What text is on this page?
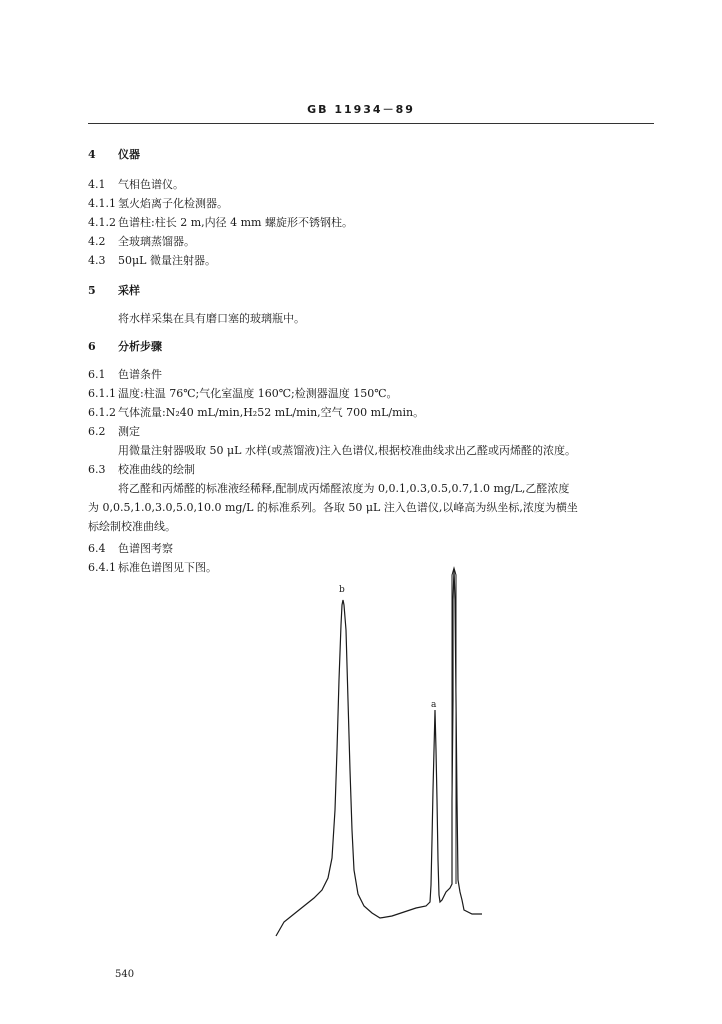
GB 11934－89
4 仪器
4.1 气相色谱仪。
4.1.1 氢火焰离子化检测器。
4.1.2 色谱柱:柱长 2 m,内径 4 mm 螺旋形不锈钢柱。
4.2 全玻璃蒸馏器。
4.3 50μL 微量注射器。
5 采样
将水样采集在具有磨口塞的玻璃瓶中。
6 分析步骤
6.1 色谱条件
6.1.1 温度:柱温 76℃;气化室温度 160℃;检测器温度 150℃。
6.1.2 气体流量:N₂40 mL/min,H₂52 mL/min,空气 700 mL/min。
6.2 测定
用微量注射器吸取 50 μL 水样(或蒸馏液)注入色谱仪,根据校准曲线求出乙醛或丙烯醛的浓度。
6.3 校准曲线的绘制
将乙醛和丙烯醛的标准液经稀释,配制成丙烯醛浓度为 0,0.1,0.3,0.5,0.7,1.0 mg/L,乙醛浓度
为 0,0.5,1.0,3.0,5.0,10.0 mg/L 的标准系列。各取 50 μL 注入色谱仪,以峰高为纵坐标,浓度为横坐
标绘制校准曲线。
6.4 色谱图考察
6.4.1 标准色谱图见下图。
b
a
540
